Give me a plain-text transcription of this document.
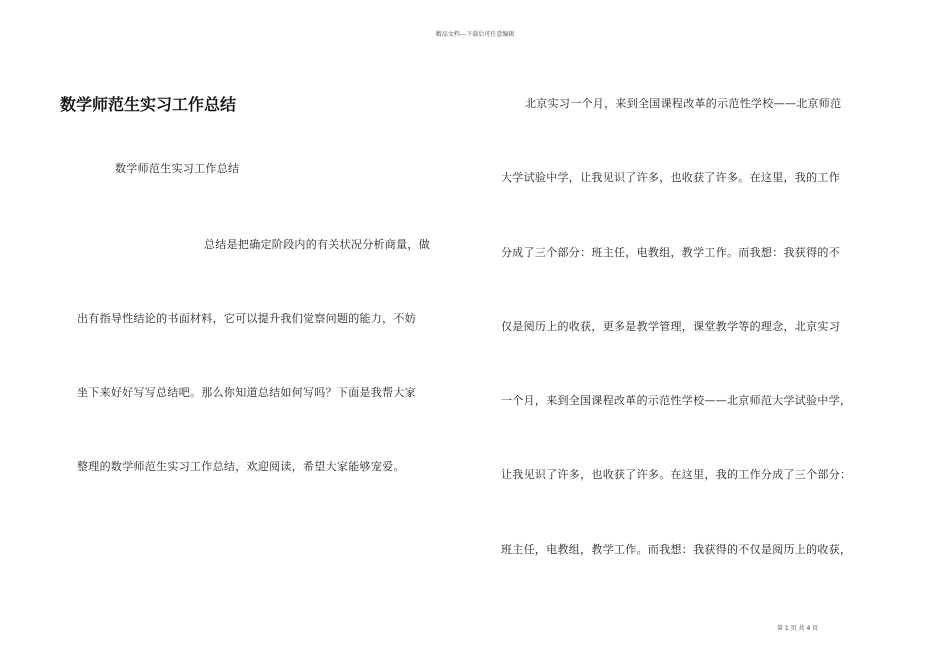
精品文档---下载后可任意编辑
数学师范生实习工作总结
数学师范生实习工作总结
总结是把确定阶段内的有关状况分析商量，做
出有指导性结论的书面材料，它可以提升我们觉察问题的能力，不妨
坐下来好好写写总结吧。那么你知道总结如何写吗？下面是我帮大家
整理的数学师范生实习工作总结，欢迎阅读，希望大家能够宠爱。
北京实习一个月，来到全国课程改革的示范性学校——北京师范
大学试验中学，让我见识了许多，也收获了许多。在这里，我的工作
分成了三个部分：班主任，电教组，教学工作。而我想：我获得的不
仅是阅历上的收获，更多是教学管理，课堂教学等的理念，北京实习
一个月，来到全国课程改革的示范性学校——北京师范大学试验中学，
让我见识了许多，也收获了许多。在这里，我的工作分成了三个部分：
班主任，电教组，教学工作。而我想：我获得的不仅是阅历上的收获，
第 1 页 共 4 页
